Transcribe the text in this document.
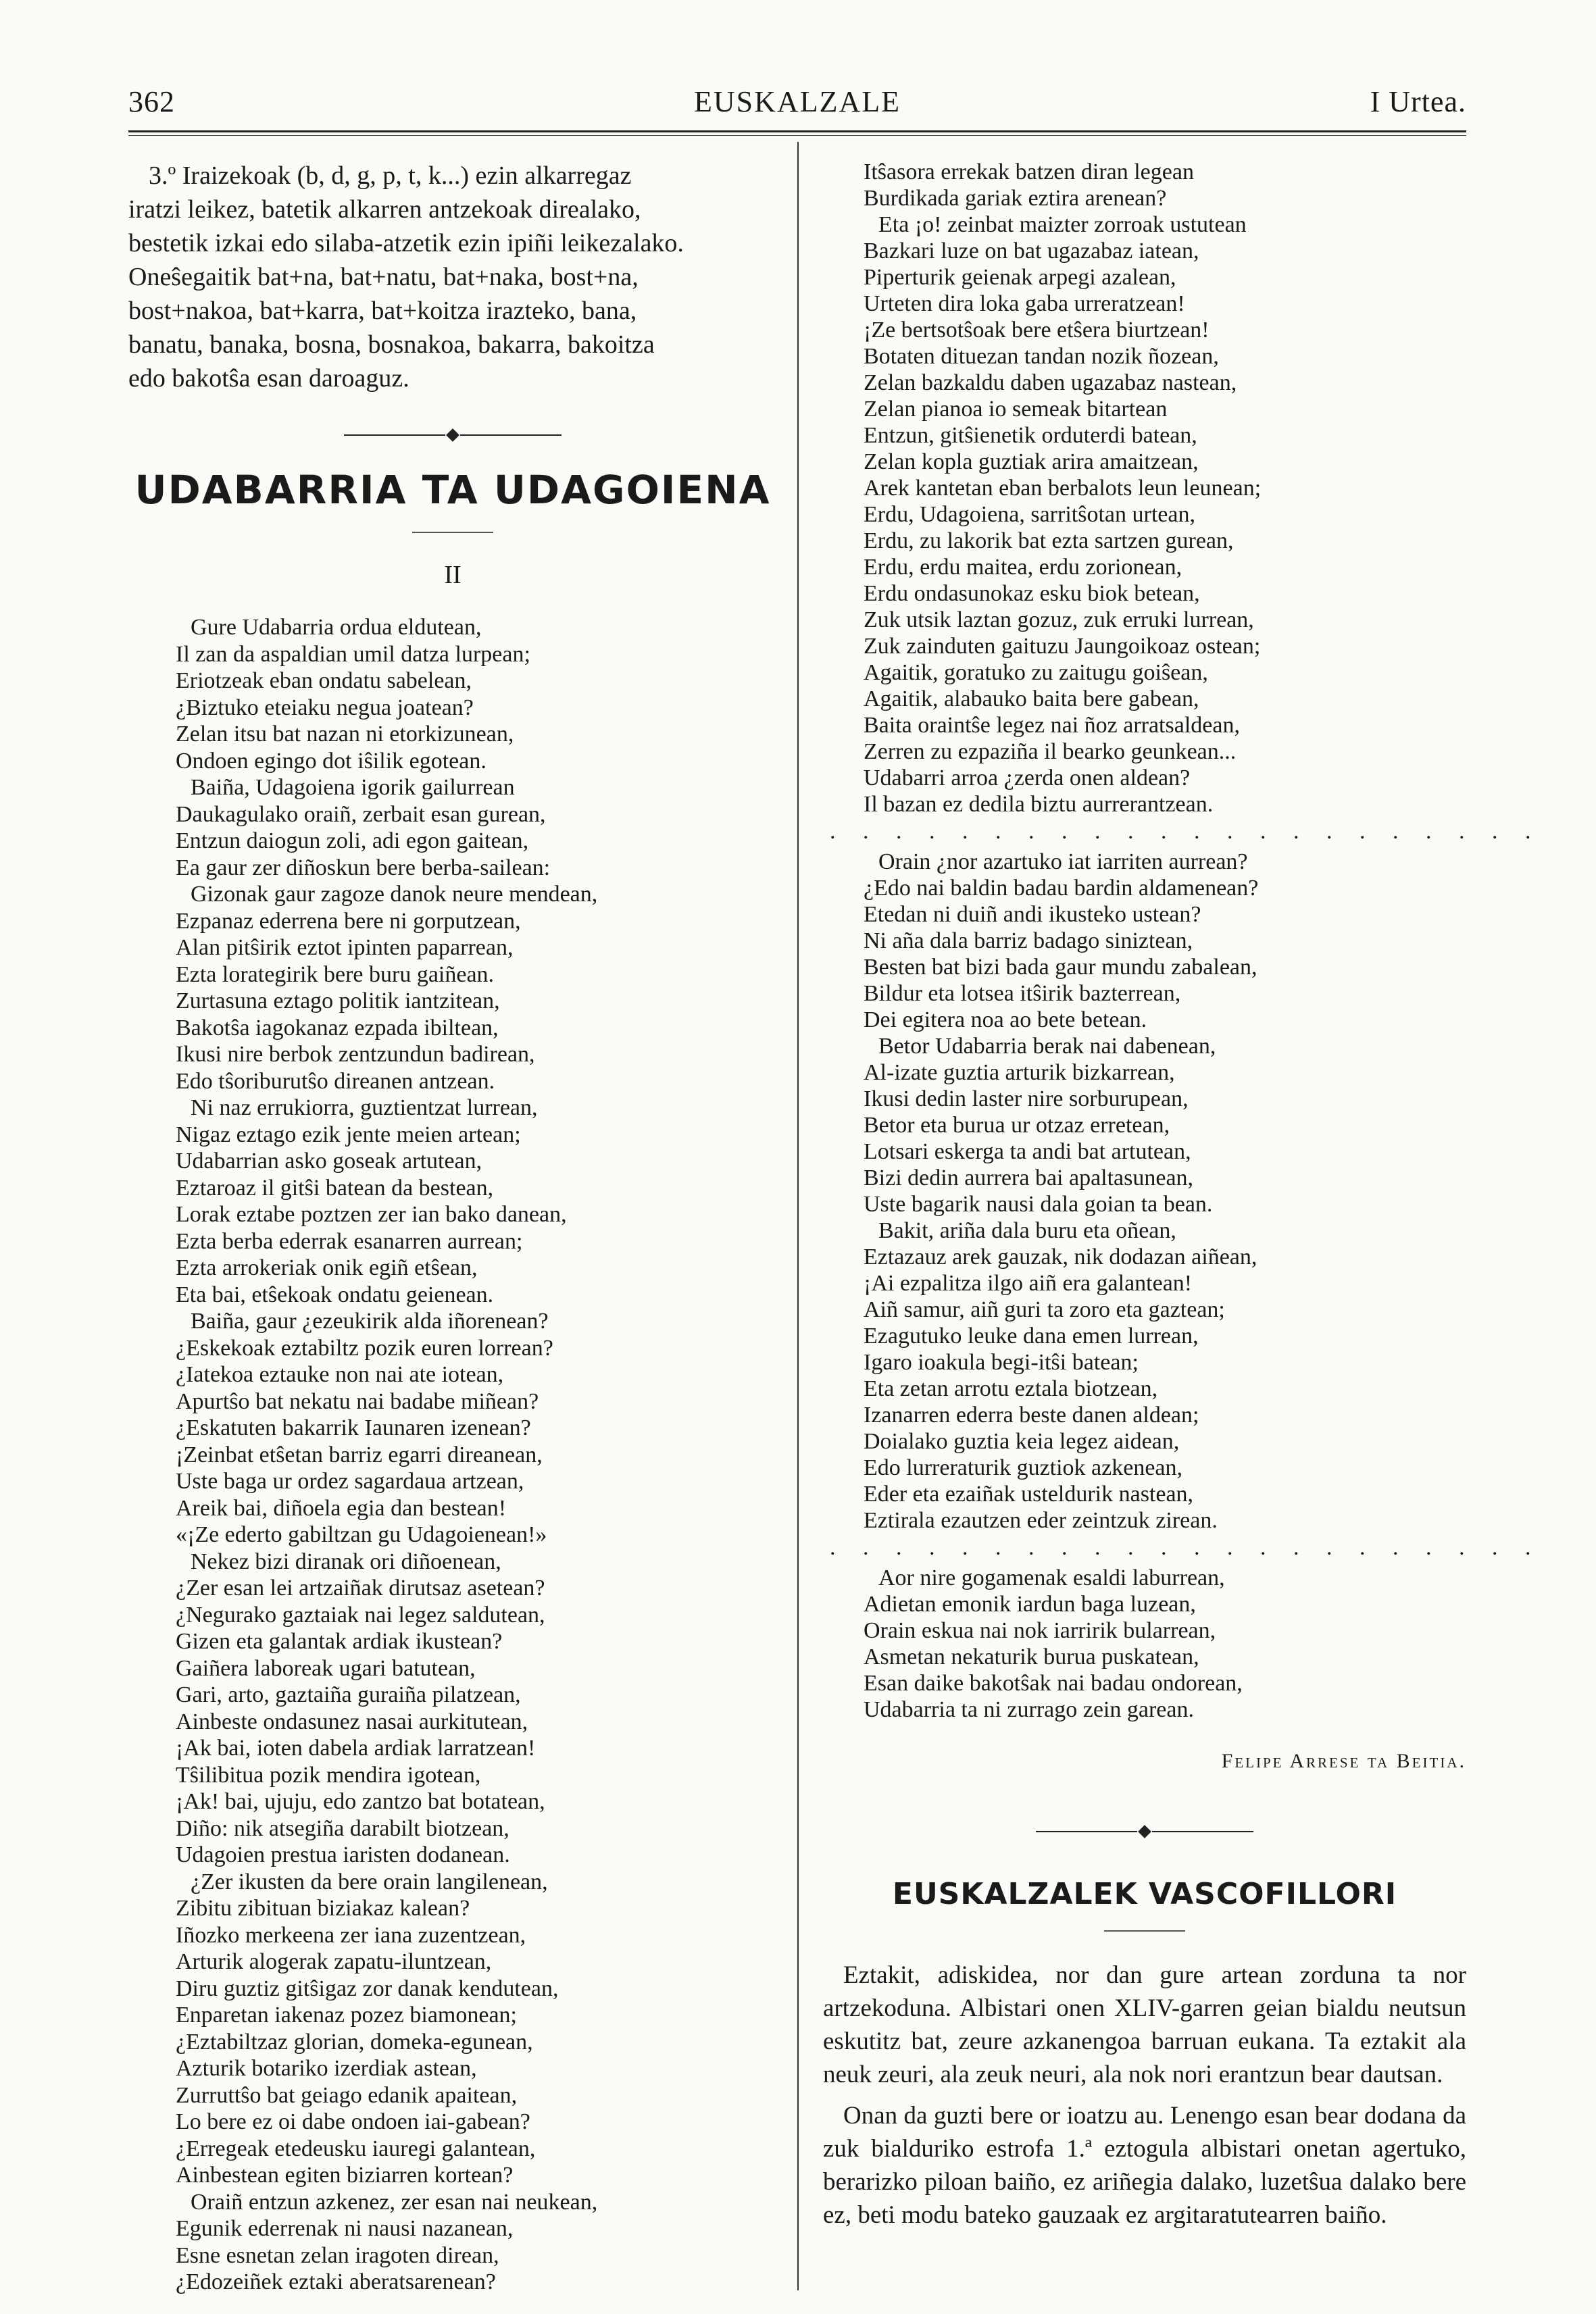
362	EUSKALZALE	I Urtea.

3.º Iraizekoak (b, d, g, p, t, k...) ezin alkarregaz

iratzi leikez, batetik alkarren antzekoak direalako,

bestetik izkai edo silaba-atzetik ezin ipiñi leikezalako.

Oneŝegaitik bat+na, bat+natu, bat+naka, bost+na,

bost+nakoa, bat+karra, bat+koitza irazteko, bana,

banatu, banaka, bosna, bosnakoa, bakarra, bakoitza

edo bakotŝa esan daroaguz.

UDABARRIA TA UDAGOIENA
II
Gure Udabarria ordua eldutean,
Il zan da aspaldian umil datza lurpean;
Eriotzeak eban ondatu sabelean,
¿Biztuko eteiaku negua joatean?
Zelan itsu bat nazan ni etorkizunean,
Ondoen egingo dot iŝilik egotean.
Baiña, Udagoiena igorik gailurrean
Daukagulako oraiñ, zerbait esan gurean,
Entzun daiogun zoli, adi egon gaitean,
Ea gaur zer diñoskun bere berba-sailean:
Gizonak gaur zagoze danok neure mendean,
Ezpanaz ederrena bere ni gorputzean,
Alan pitŝirik eztot ipinten paparrean,
Ezta lorategirik bere buru gaiñean.
Zurtasuna eztago politik iantzitean,
Bakotŝa iagokanaz ezpada ibiltean,
Ikusi nire berbok zentzundun badirean,
Edo tŝoriburutŝo direanen antzean.
Ni naz errukiorra, guztientzat lurrean,
Nigaz eztago ezik jente meien artean;
Udabarrian asko goseak artutean,
Eztaroaz il gitŝi batean da bestean,
Lorak eztabe poztzen zer ian bako danean,
Ezta berba ederrak esanarren aurrean;
Ezta arrokeriak onik egiñ etŝean,
Eta bai, etŝekoak ondatu geienean.
Baiña, gaur ¿ezeukirik alda iñorenean?
¿Eskekoak eztabiltz pozik euren lorrean?
¿Iatekoa eztauke non nai ate iotean,
Apurtŝo bat nekatu nai badabe miñean?
¿Eskatuten bakarrik Iaunaren izenean?
¡Zeinbat etŝetan barriz egarri direanean,
Uste baga ur ordez sagardaua artzean,
Areik bai, diñoela egia dan bestean!
«¡Ze ederto gabiltzan gu Udagoienean!»
Nekez bizi diranak ori diñoenean,
¿Zer esan lei artzaiñak dirutsaz asetean?
¿Negurako gaztaiak nai legez saldutean,
Gizen eta galantak ardiak ikustean?
Gaiñera laboreak ugari batutean,
Gari, arto, gaztaiña guraiña pilatzean,
Ainbeste ondasunez nasai aurkitutean,
¡Ak bai, ioten dabela ardiak larratzean!
Tŝilibitua pozik mendira igotean,
¡Ak! bai, ujuju, edo zantzo bat botatean,
Diño: nik atsegiña darabilt biotzean,
Udagoien prestua iaristen dodanean.
¿Zer ikusten da bere orain langilenean,
Zibitu zibituan biziakaz kalean?
Iñozko merkeena zer iana zuzentzean,
Arturik alogerak zapatu-iluntzean,
Diru guztiz gitŝigaz zor danak kendutean,
Enparetan iakenaz pozez biamonean;
¿Eztabiltzaz glorian, domeka-egunean,
Azturik botariko izerdiak astean,
Zurruttŝo bat geiago edanik apaitean,
Lo bere ez oi dabe ondoen iai-gabean?
¿Erregeak etedeusku iauregi galantean,
Ainbestean egiten biziarren kortean?
Oraiñ entzun azkenez, zer esan nai neukean,
Egunik ederrenak ni nausi nazanean,
Esne esnetan zelan iragoten direan,
¿Edozeiñek eztaki aberatsarenean?
Itŝasora errekak batzen diran legean
Burdikada gariak eztira arenean?
Eta ¡o! zeinbat maizter zorroak ustutean
Bazkari luze on bat ugazabaz iatean,
Piperturik geienak arpegi azalean,
Urteten dira loka gaba urreratzean!
¡Ze bertsotŝoak bere etŝera biurtzean!
Botaten dituezan tandan nozik ñozean,
Zelan bazkaldu daben ugazabaz nastean,
Zelan pianoa io semeak bitartean
Entzun, gitŝienetik orduterdi batean,
Zelan kopla guztiak arira amaitzean,
Arek kantetan eban berbalots leun leunean;
Erdu, Udagoiena, sarritŝotan urtean,
Erdu, zu lakorik bat ezta sartzen gurean,
Erdu, erdu maitea, erdu zorionean,
Erdu ondasunokaz esku biok betean,
Zuk utsik laztan gozuz, zuk erruki lurrean,
Zuk zainduten gaituzu Jaungoikoaz ostean;
Agaitik, goratuko zu zaitugu goiŝean,
Agaitik, alabauko baita bere gabean,
Baita oraintŝe legez nai ñoz arratsaldean,
Zerren zu ezpaziña il bearko geunkean...
Udabarri arroa ¿zerda onen aldean?
Il bazan ez dedila biztu aurrerantzean.
. . . . . . . . . . . . . . . . . . . . . .
Orain ¿nor azartuko iat iarriten aurrean?
¿Edo nai baldin badau bardin aldamenean?
Etedan ni duiñ andi ikusteko ustean?
Ni aña dala barriz badago siniztean,
Besten bat bizi bada gaur mundu zabalean,
Bildur eta lotsea itŝirik bazterrean,
Dei egitera noa ao bete betean.
Betor Udabarria berak nai dabenean,
Al-izate guztia arturik bizkarrean,
Ikusi dedin laster nire sorburupean,
Betor eta burua ur otzaz erretean,
Lotsari eskerga ta andi bat artutean,
Bizi dedin aurrera bai apaltasunean,
Uste bagarik nausi dala goian ta bean.
Bakit, ariña dala buru eta oñean,
Eztazauz arek gauzak, nik dodazan aiñean,
¡Ai ezpalitza ilgo aiñ era galantean!
Aiñ samur, aiñ guri ta zoro eta gaztean;
Ezagutuko leuke dana emen lurrean,
Igaro ioakula begi-itŝi batean;
Eta zetan arrotu eztala biotzean,
Izanarren ederra beste danen aldean;
Doialako guztia keia legez aidean,
Edo lurreraturik guztiok azkenean,
Eder eta ezaiñak usteldurik nastean,
Eztirala ezautzen eder zeintzuk zirean.
. . . . . . . . . . . . . . . . . . . . . .
Aor nire gogamenak esaldi laburrean,
Adietan emonik iardun baga luzean,
Orain eskua nai nok iarririk bularrean,
Asmetan nekaturik burua puskatean,
Esan daike bakotŝak nai badau ondorean,
Udabarria ta ni zurrago zein garean.
Felipe Arrese ta Beitia.
EUSKALZALEK VASCOFILLORI

Eztakit, adiskidea, nor dan gure artean zorduna ta nor artzekoduna. Albistari onen XLIV-garren geian bialdu neutsun eskutitz bat, zeure azkanengoa barruan eukana. Ta eztakit ala neuk zeuri, ala zeuk neuri, ala nok nori erantzun bear dautsan.

Onan da guzti bere or ioatzu au. Lenengo esan bear dodana da zuk bialduriko estrofa 1.ª eztogula albistari onetan agertuko, berarizko piloan baiño, ez ariñegia dalako, luzetŝua dalako bere ez, beti modu bateko gauzaak ez argitaratutearren baiño.
